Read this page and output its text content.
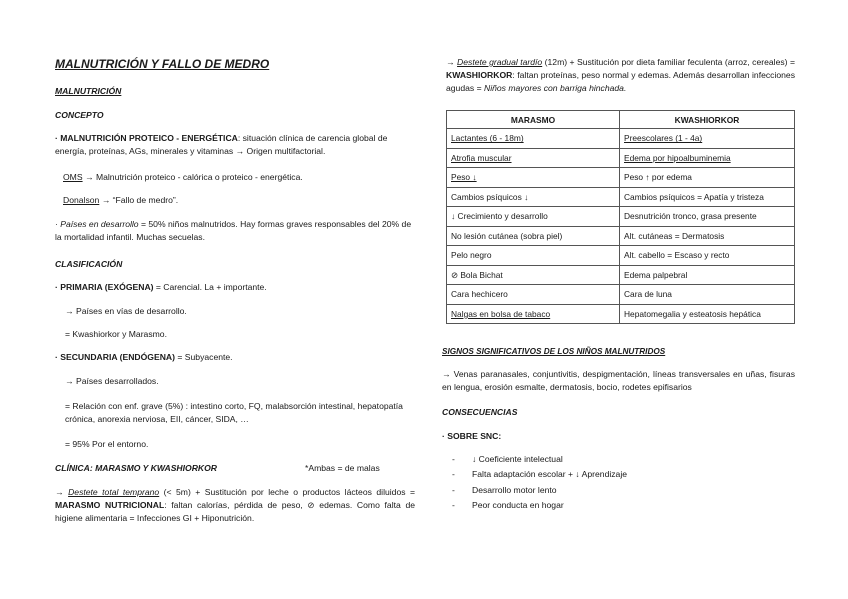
MALNUTRICIÓN Y FALLO DE MEDRO
MALNUTRICIÓN
CONCEPTO
· MALNUTRICIÓN PROTEICO - ENERGÉTICA: situación clínica de carencia global de energía, proteínas, AGs, minerales y vitaminas → Origen multifactorial.
OMS → Malnutrición proteico - calórica o proteico - energética.
Donalson → “Fallo de medro”.
· Países en desarrollo = 50% niños malnutridos. Hay formas graves responsables del 20% de la mortalidad infantil. Muchas secuelas.
CLASIFICACIÓN
· PRIMARIA (EXÓGENA) = Carencial. La + importante.
→ Países en vías de desarrollo.
= Kwashiorkor y Marasmo.
· SECUNDARIA (ENDÓGENA) = Subyacente.
→ Países desarrollados.
= Relación con enf. grave (5%) : intestino corto, FQ, malabsorción intestinal, hepatopatía crónica, anorexia nerviosa, EII, cáncer, SIDA, …
= 95% Por el entorno.
CLÍNICA: MARASMO Y KWASHIORKOR	*Ambas = de malas
→ Destete total temprano (< 5m) + Sustitución por leche o productos lácteos diluidos = MARASMO NUTRICIONAL: faltan calorías, pérdida de peso, ⊘ edemas. Como falta de higiene alimentaria = Infecciones GI + Hiponutrición.
→ Destete gradual tardío (12m) + Sustitución por dieta familiar feculenta (arroz, cereales) = KWASHIORKOR: faltan proteínas, peso normal y edemas. Además desarrollan infecciones agudas = Niños mayores con barriga hinchada.
MARASMO	KWASHIORKOR
Lactantes (6 - 18m)	Preescolares (1 - 4a)
Atrofia muscular	Edema por hipoalbuminemia
Peso ↓	Peso ↑ por edema
Cambios psíquicos ↓	Cambios psíquicos = Apatía y tristeza
↓ Crecimiento y desarrollo	Desnutrición tronco, grasa presente
No lesión cutánea (sobra piel)	Alt. cutáneas = Dermatosis
Pelo negro	Alt. cabello = Escaso y recto
⊘ Bola Bichat	Edema palpebral
Cara hechicero	Cara de luna
Nalgas en bolsa de tabaco	Hepatomegalia y esteatosis hepática
SIGNOS SIGNIFICATIVOS DE LOS NIÑOS MALNUTRIDOS
→ Venas paranasales, conjuntivitis, despigmentación, líneas transversales en uñas, fisuras en lengua, erosión esmalte, dermatosis, bocio, rodetes epifisarios
CONSECUENCIAS
· SOBRE SNC:
- ↓ Coeficiente intelectual
- Falta adaptación escolar + ↓ Aprendizaje
- Desarrollo motor lento
- Peor conducta en hogar
